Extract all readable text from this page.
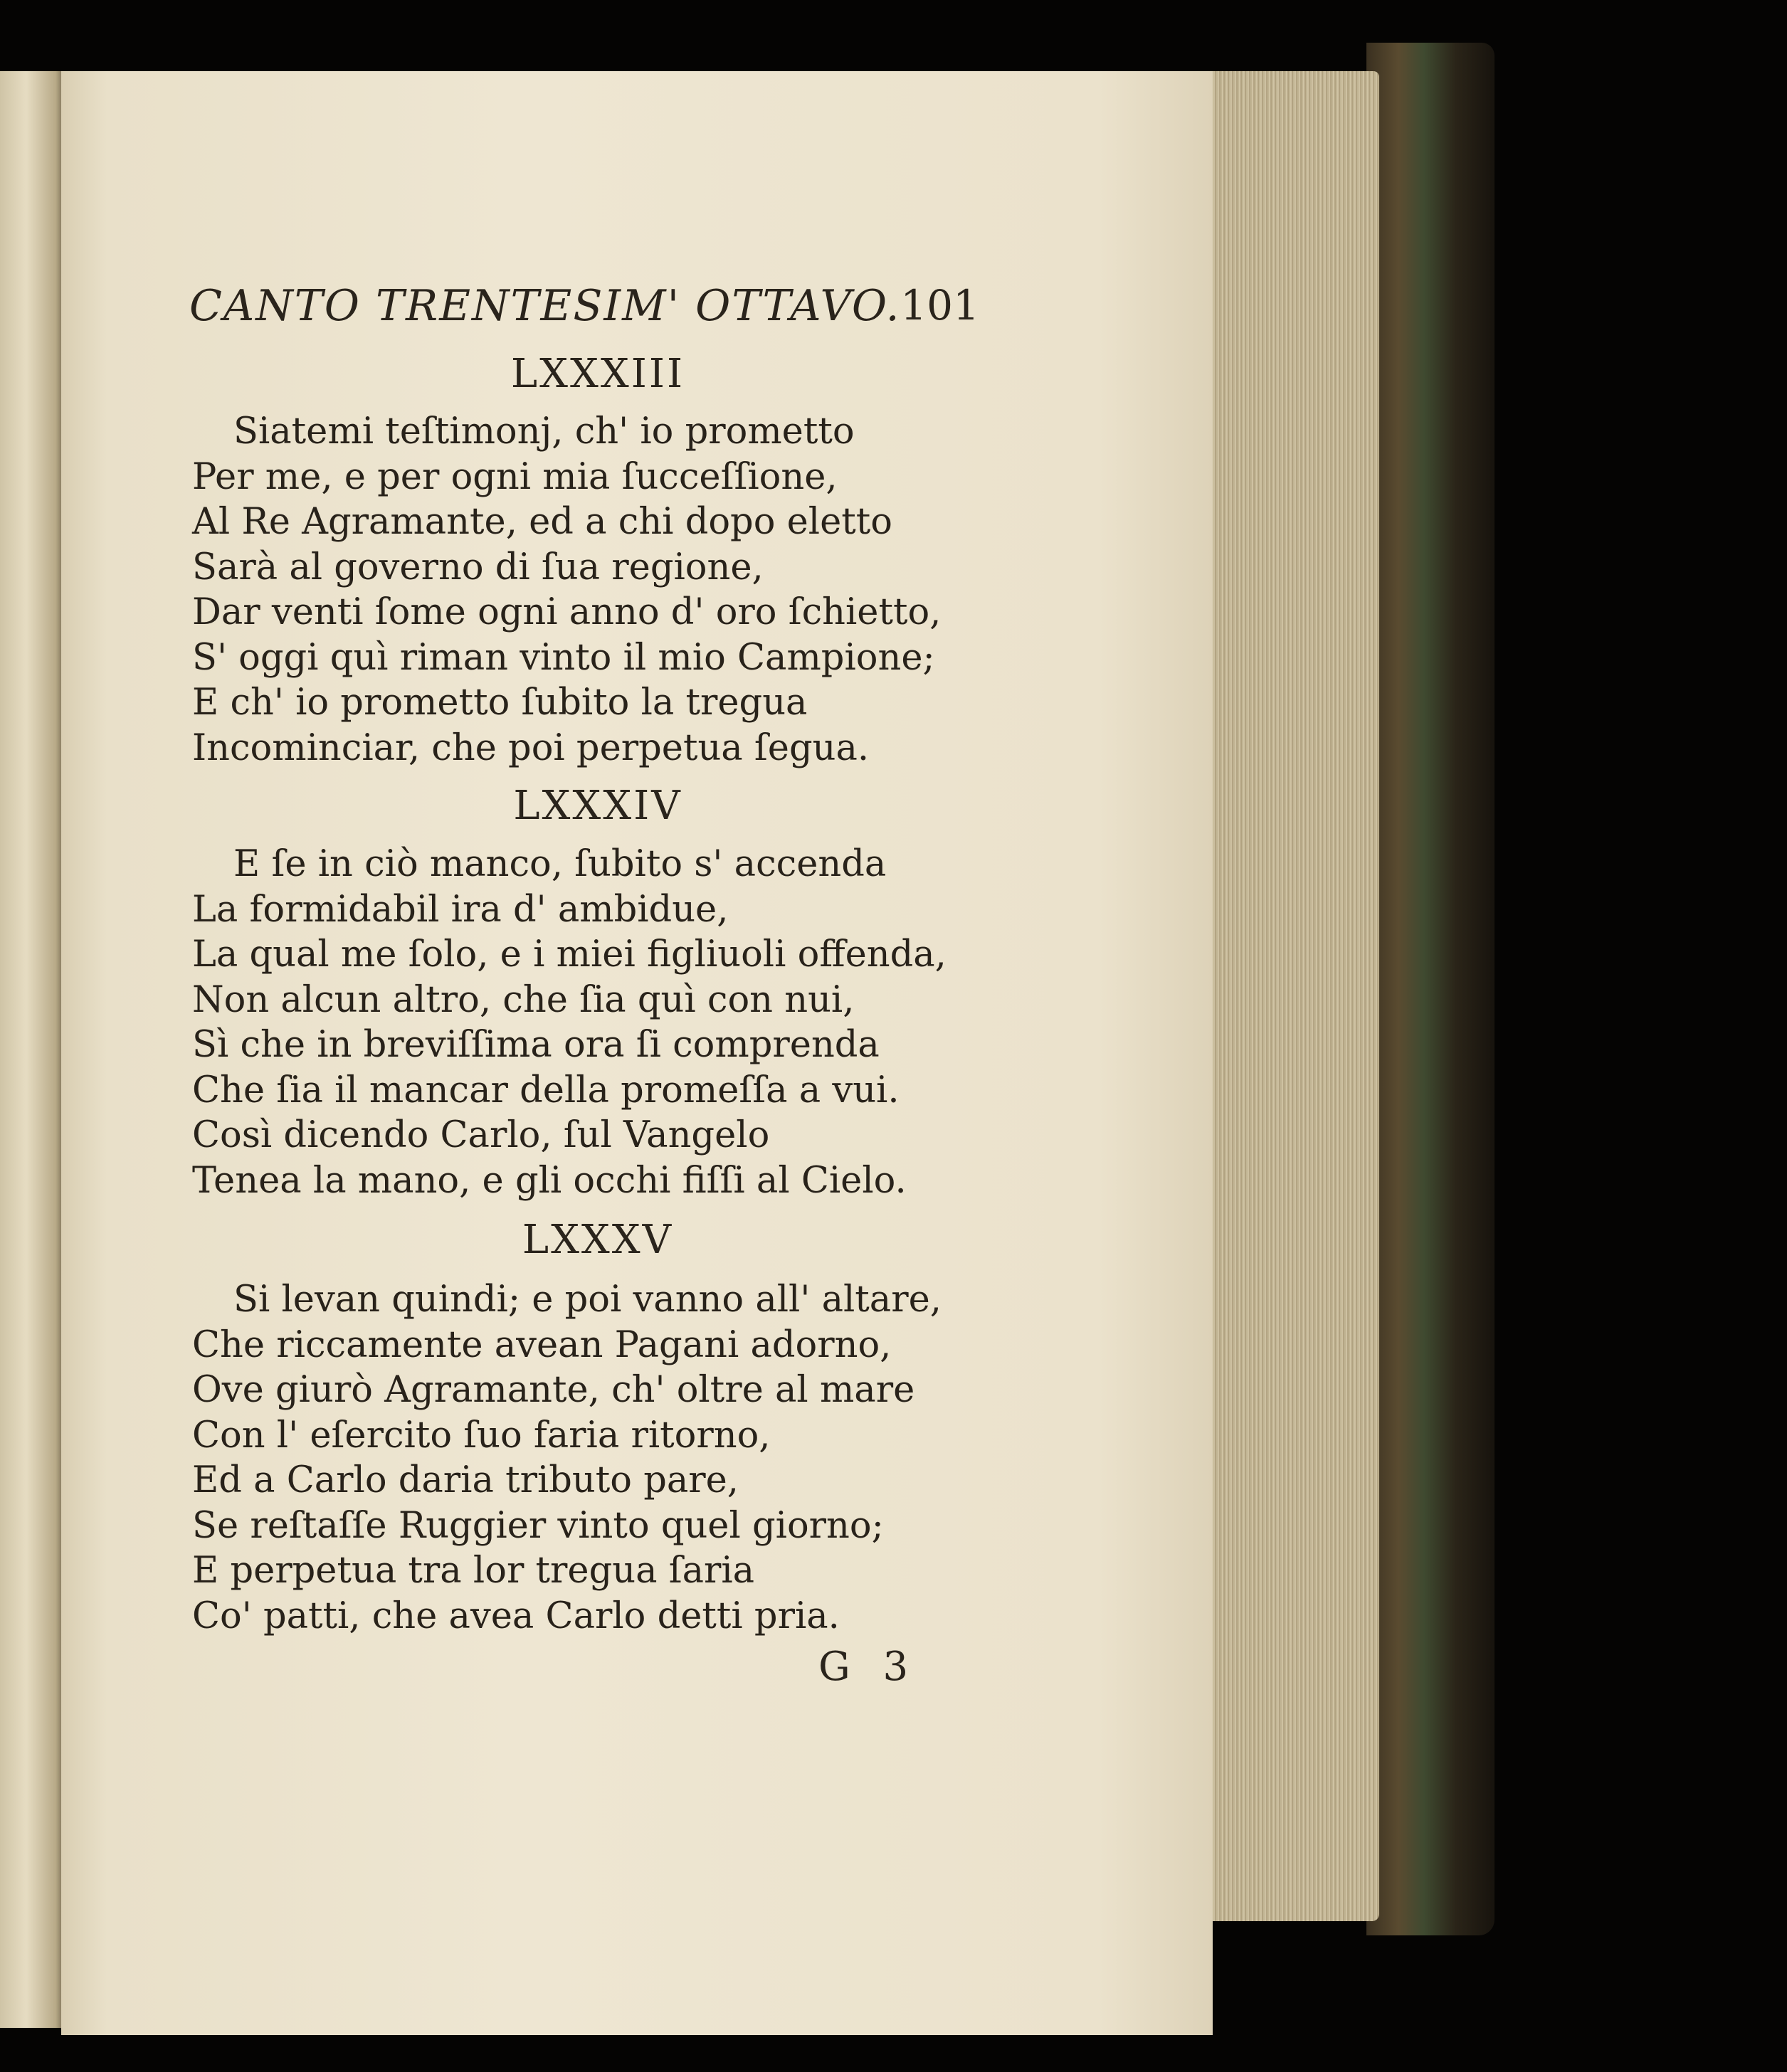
CANTO TRENTESIM' OTTAVO. 101
LXXXIII
Siatemi teſtimonj, ch' io prometto
Per me, e per ogni mia ſucceſſione,
Al Re Agramante, ed a chi dopo eletto
Sarà al governo di ſua regione,
Dar venti ſome ogni anno d' oro ſchietto,
S' oggi quì riman vinto il mio Campione;
E ch' io prometto ſubito la tregua
Incominciar, che poi perpetua ſegua.
LXXXIV
E ſe in ciò manco, ſubito s' accenda
La formidabil ira d' ambidue,
La qual me ſolo, e i miei figliuoli offenda,
Non alcun altro, che ſia quì con nui,
Sì che in breviſſima ora ſi comprenda
Che ſia il mancar della promeſſa a vui.
Così dicendo Carlo, ſul Vangelo
Tenea la mano, e gli occhi fiſſi al Cielo.
LXXXV
Si levan quindi; e poi vanno all' altare,
Che riccamente avean Pagani adorno,
Ove giurò Agramante, ch' oltre al mare
Con l' eſercito ſuo faria ritorno,
Ed a Carlo daria tributo pare,
Se reſtaſſe Ruggier vinto quel giorno;
E perpetua tra lor tregua ſaria
Co' patti, che avea Carlo detti pria.
G 3
